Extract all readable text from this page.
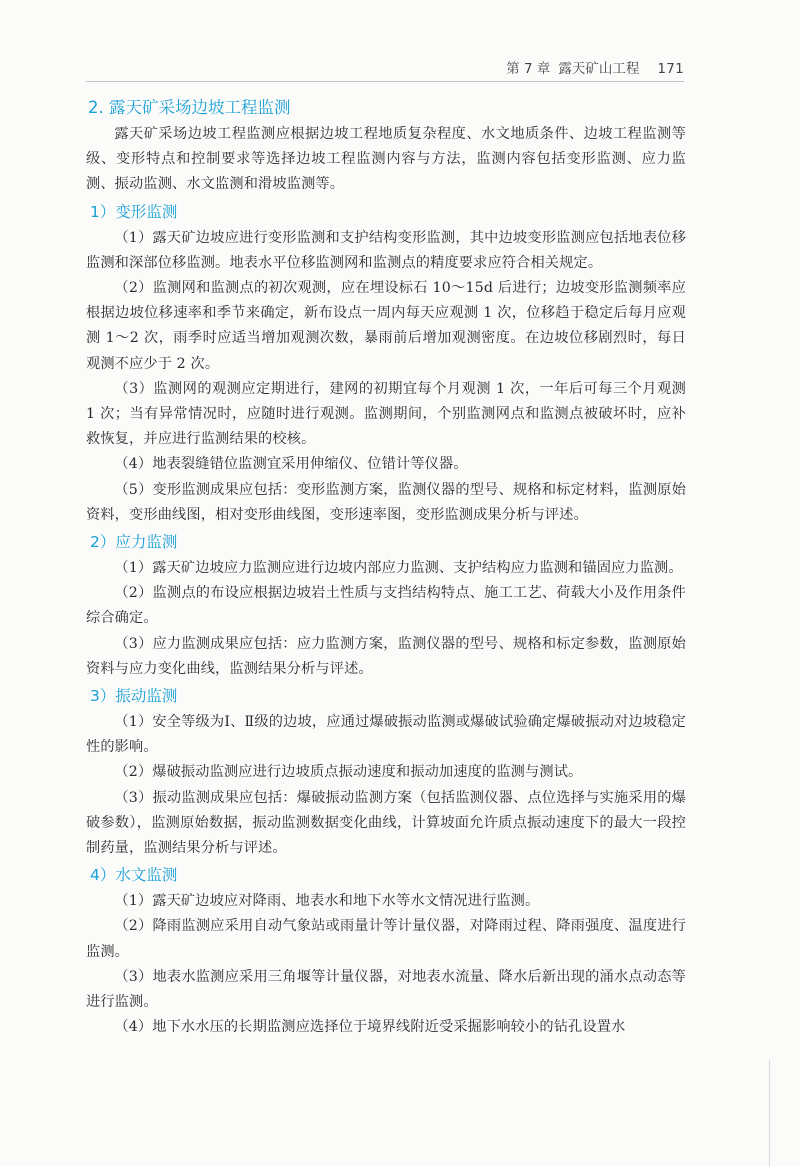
第 7 章 露天矿山工程 171
2. 露天矿采场边坡工程监测

露天矿采场边坡工程监测应根据边坡工程地质复杂程度、水文地质条件、边坡工程监测等级、变形特点和控制要求等选择边坡工程监测内容与方法，监测内容包括变形监测、应力监测、振动监测、水文监测和滑坡监测等。

1）变形监测

（1）露天矿边坡应进行变形监测和支护结构变形监测，其中边坡变形监测应包括地表位移监测和深部位移监测。地表水平位移监测网和监测点的精度要求应符合相关规定。

（2）监测网和监测点的初次观测，应在埋设标石 10～15d 后进行；边坡变形监测频率应根据边坡位移速率和季节来确定，新布设点一周内每天应观测 1 次，位移趋于稳定后每月应观测 1～2 次，雨季时应适当增加观测次数，暴雨前后增加观测密度。在边坡位移剧烈时，每日观测不应少于 2 次。

（3）监测网的观测应定期进行，建网的初期宜每个月观测 1 次，一年后可每三个月观测 1 次；当有异常情况时，应随时进行观测。监测期间，个别监测网点和监测点被破坏时，应补救恢复，并应进行监测结果的校核。

（4）地表裂缝错位监测宜采用伸缩仪、位错计等仪器。

（5）变形监测成果应包括：变形监测方案，监测仪器的型号、规格和标定材料，监测原始资料，变形曲线图，相对变形曲线图，变形速率图，变形监测成果分析与评述。

2）应力监测

（1）露天矿边坡应力监测应进行边坡内部应力监测、支护结构应力监测和锚固应力监测。

（2）监测点的布设应根据边坡岩土性质与支挡结构特点、施工工艺、荷载大小及作用条件综合确定。

（3）应力监测成果应包括：应力监测方案，监测仪器的型号、规格和标定参数，监测原始资料与应力变化曲线，监测结果分析与评述。

3）振动监测

（1）安全等级为Ⅰ、Ⅱ级的边坡，应通过爆破振动监测或爆破试验确定爆破振动对边坡稳定性的影响。

（2）爆破振动监测应进行边坡质点振动速度和振动加速度的监测与测试。

（3）振动监测成果应包括：爆破振动监测方案（包括监测仪器、点位选择与实施采用的爆破参数），监测原始数据，振动监测数据变化曲线，计算坡面允许质点振动速度下的最大一段控制药量，监测结果分析与评述。

4）水文监测

（1）露天矿边坡应对降雨、地表水和地下水等水文情况进行监测。

（2）降雨监测应采用自动气象站或雨量计等计量仪器，对降雨过程、降雨强度、温度进行监测。

（3）地表水监测应采用三角堰等计量仪器，对地表水流量、降水后新出现的涌水点动态等进行监测。

（4）地下水水压的长期监测应选择位于境界线附近受采掘影响较小的钻孔设置水
